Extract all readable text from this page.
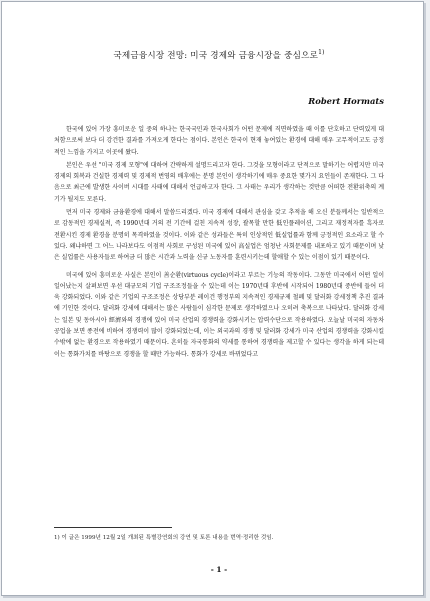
국제금융시장 전망: 미국 경제와 금융시장을 중심으로$^{1)}$
Robert Hormats

한국에 있어 가장 흥미로운 일 중의 하나는 한국국민과 한국사회가 어떤 문제에 직면하였을 때 이를 단호하고 단력있게 대처함으로써 보다 더 강건한 결과를 가져오게 한다는 점이다. 본인은 한국이 현재 놓여있는 환경에 대해 매우 고무적이고도 긍정적인 느낌을 가지고 이곳에 왔다.

본인은 우선 "미국 경제 모형"에 대하여 간략하게 설명드리고자 한다. 그것을 모형이라고 단적으로 말하기는 어렵지만 미국 경제의 회복과 건실한 경제력 및 경제적 번영의 배후에는 분명 본인이 생각하기에 매우 중요한 몇가지 요인들이 존재한다. 그 다음으로 최근에 발생한 사이버 시대를 사태에 대해서 언급하고자 한다. 그 사태는 우리가 생각하는 것만큼 어떠한 전환위축의 계기가 될지도 모른다.

먼저 미국 경제와 금융환경에 대해서 말씀드리겠다. 미국 경제에 대해서 관심을 갖고 추적을 해 오신 분들께서는 일반적으로 감동적인 경제실적, 즉 1990년대 거의 전 기간에 걸친 지속적 성장, 괄목할 만한 低인플레이션, 그리고 재정적자를 흑자로 전환시킨 경제 환경을 분명히 목격하였을 것이다. 이와 같은 성과들은 특히 인상적인 低실업률과 함께 긍정적인 요소라고 할 수 있다. 왜냐하면 그 어느 나라보다도 이점적 사회로 구성된 미국에 있어 高실업은 엄청난 사회문제를 내포하고 있기 때문이며 낮은 실업률은 사용자들로 하여금 더 많은 시간과 노력을 신규 노동자를 훈련시키는데 할애할 수 있는 이점이 있기 때문이다.

미국에 있어 흥미로운 사실은 본인이 善순환(virtuous cycle)이라고 부르는 기능의 작동이다. 그동안 미국에서 어떤 일이 일어났는지 살펴보면 우선 대규모의 기업 구조조정들을 수 있는데 이는 1970년대 후반에 시작되어 1980년대 중반에 들어 더욱 강화되었다. 이와 같은 기업의 구조조정은 상당부분 레이건 행정부의 지속적인 경제규제 철폐 및 달러화 강세정책 추진 결과에 기인한 것이다. 달러화 강세에 대해서는 많은 사람들이 심각한 문제로 생각하였으나 오히려 축복으로 나타났다. 달러화 강세는 일본 및 동아시아 經濟와의 경쟁에 있어 미국 산업의 경쟁력을 강화시키는 압력수단으로 작용하였다. 오늘날 미국의 자동차공업을 보면 종전에 비하여 경쟁력이 많이 강화되었는데, 이는 외국과의 경쟁 및 달러화 강세가 미국 산업의 경쟁력을 강화시킬 수밖에 없는 환경으로 작용하였기 때문이다. 흔히들 자국통화의 약세를 통하여 경쟁력을 제고할 수 있다는 생각을 하게 되는데 이는 통화가치를 바탕으로 경쟁을 할 때만 가능하다. 통화가 강세로 바뀌었다고

1) 이 글은 1999년 12월 2일 개최된 특별강연회의 강연 및 토론 내용을 번역·정리한 것임.
- 1 -
